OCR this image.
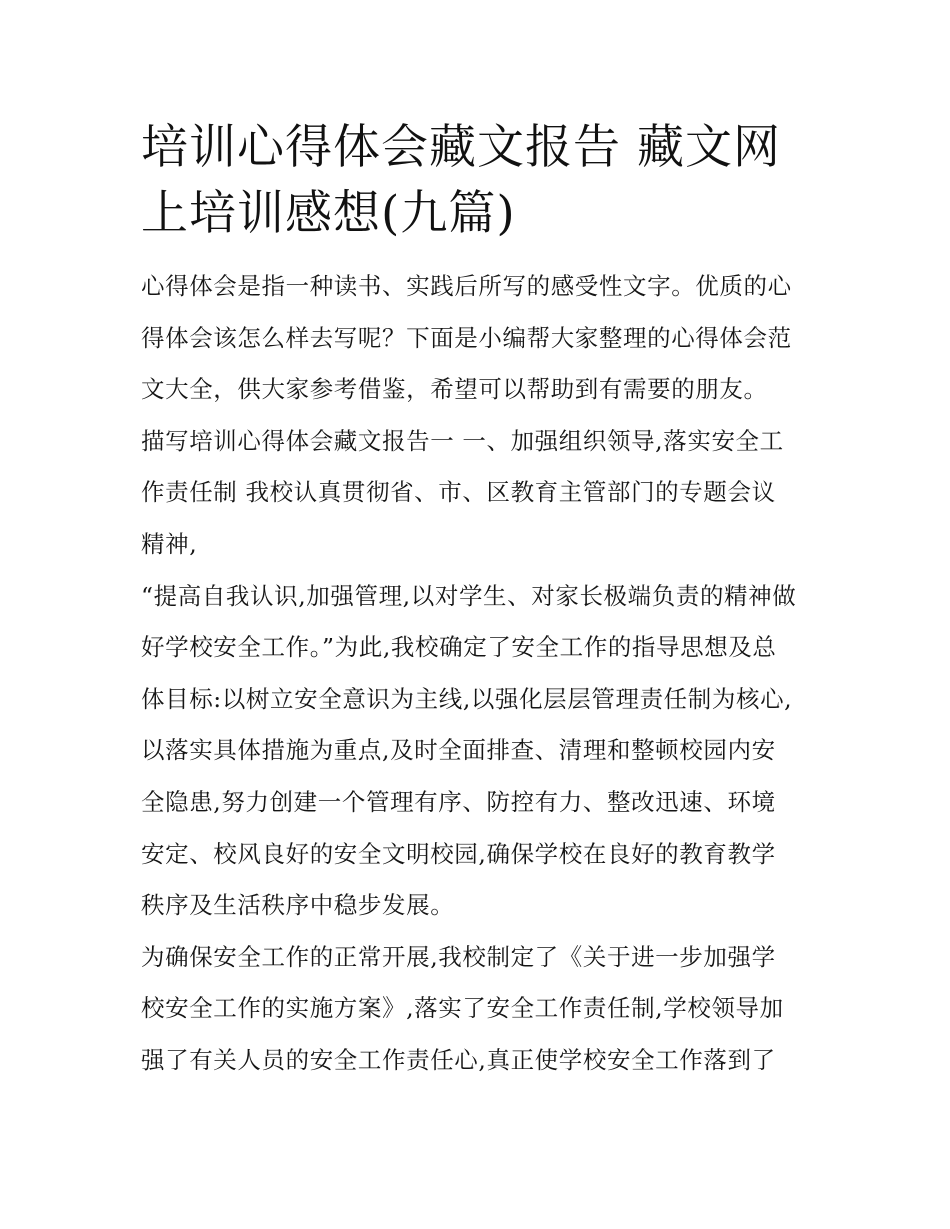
培训心得体会藏文报告 藏文网
上培训感想(九篇)
心得体会是指一种读书、实践后所写的感受性文字。优质的心
得体会该怎么样去写呢？下面是小编帮大家整理的心得体会范
文大全，供大家参考借鉴，希望可以帮助到有需要的朋友。
描写培训心得体会藏文报告一 一、加强组织领导,落实安全工
作责任制 我校认真贯彻省、市、区教育主管部门的专题会议
精神,
“提高自我认识,加强管理,以对学生、对家长极端负责的精神做
好学校安全工作。”为此,我校确定了安全工作的指导思想及总
体目标:以树立安全意识为主线,以强化层层管理责任制为核心,
以落实具体措施为重点,及时全面排查、清理和整顿校园内安
全隐患,努力创建一个管理有序、防控有力、整改迅速、环境
安定、校风良好的安全文明校园,确保学校在良好的教育教学
秩序及生活秩序中稳步发展。
为确保安全工作的正常开展,我校制定了《关于进一步加强学
校安全工作的实施方案》,落实了安全工作责任制,学校领导加
强了有关人员的安全工作责任心,真正使学校安全工作落到了
